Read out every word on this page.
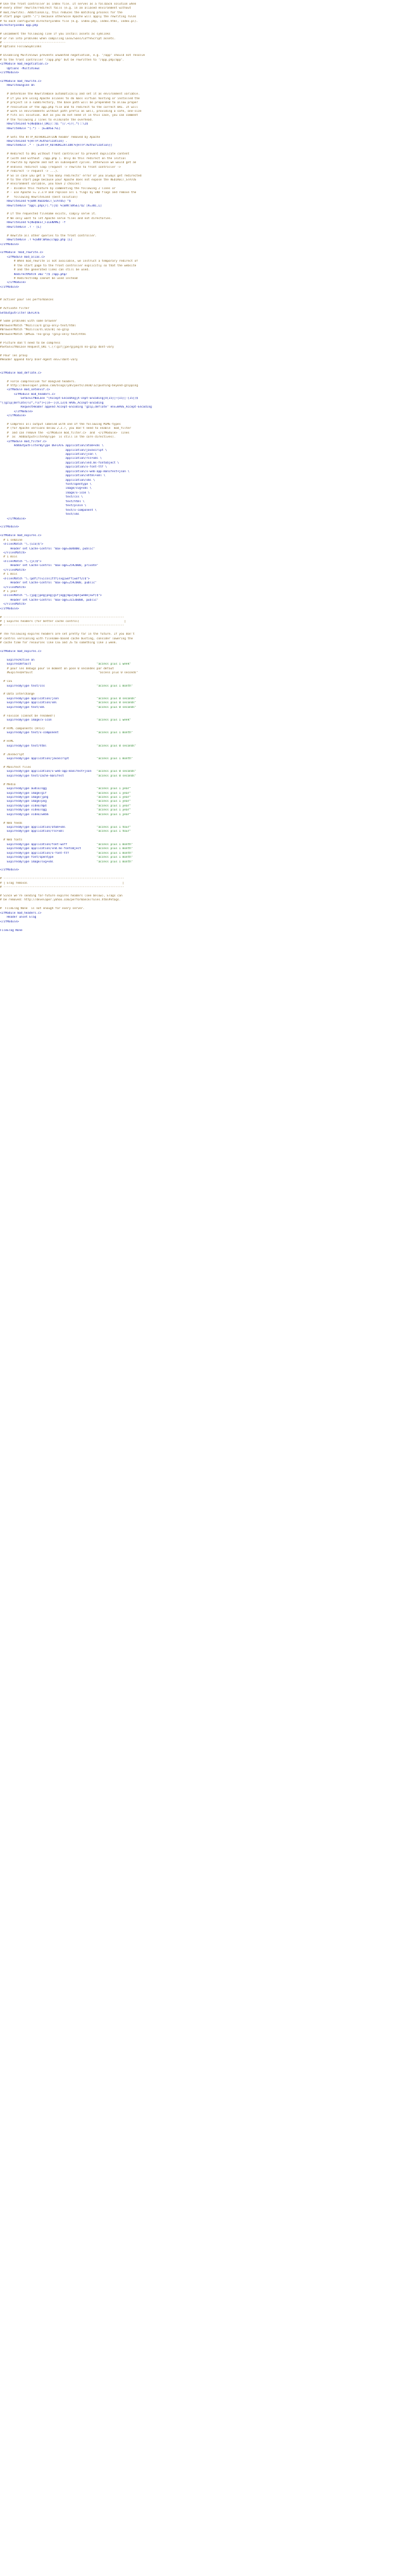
# Use the front controller as index file. It serves as a fallback solution when
# every other rewrite/redirect fails (e.g. in an aliased environment without
# mod_rewrite). Additionally, this reduces the matching process for the
# start page (path "/") because otherwise Apache will apply the rewriting rules
# to each configured DirectoryIndex file (e.g. index.php, index.html, index.pl).
DirectoryIndex app.php
# uncomment the following line if you install assets as symlinks
# or run into problems when compiling LESS/Sass/CoffeScript assets.
# ------------------------------------
# Options FollowSymlinks
# Disabling MultiViews prevents unwanted negotiation, e.g. "/app" should not resolve
# to the front controller "/app.php" but be rewritten to "/app.php/app".
<IfModule mod_negotiation.c>
Options -MultiViews
</IfModule>
<IfModule mod_rewrite.c>
RewriteEngine On
# Determine the RewriteBase automatically and set it as environment variable.
# If you are using Apache aliases to do mass virtual hosting or installed the
# project in a subdirectory, the base path will be prepended to allow proper
# resolution of the app.php file and to redirect to the correct URI. It will
# work in environments without path prefix as well, providing a safe, one-size
# fits all solution. But as you do not need it in this case, you can comment
# the following 2 lines to eliminate the overhead.
RewriteCond %{REQUEST_URI}::$1 ^(/.+)/(.*)::\2$
RewriteRule ^(.*) - [E=BASE:%1]
# Sets the HTTP_AUTHORIZATION header removed by Apache
RewriteCond %{HTTP:Authorization} .
RewriteRule .* - [E=HTTP_AUTHORIZATION:%{HTTP:Authorization}]
# Redirect to URI without front controller to prevent duplicate content
# (with and without `/app.php`). Only do this redirect on the initial
# rewrite by Apache and not on subsequent cycles. Otherwise we would get an
# endless redirect loop (request -> rewrite to front controller ->
# redirect -> request -> ...).
# So in case you get a "too many redirects" error or you always get redirected
# to the start page because your Apache does not expose the REDIRECT_STATUS
# environment variable, you have 2 choices:
# - disable this feature by commenting the following 2 lines or
# - use Apache >= 2.3.9 and replace all L flags by END flags and remove the
#   following RewriteCond (best solution)
RewriteCond %{ENV:REDIRECT_STATUS} ^$
RewriteRule ^app\.php(/(.*)|$) %{ENV:BASE}/$2 [R=301,L]
# If the requested filename exists, simply serve it.
# We only want to let Apache serve files and not directories.
RewriteCond %{REQUEST_FILENAME} -f
RewriteRule .? - [L]
# Rewrite all other queries to the front controller.
RewriteRule .? %{ENV:BASE}/app.php [L]
</IfModule>
<IfModule !mod_rewrite.c>
<IfModule mod_alias.c>
# When mod_rewrite is not available, we instruct a temporary redirect of
# the start page to the front controller explicitly so that the website
# and the generated links can still be used.
RedirectMatch 302 ^/$ /app.php/
# RedirectTemp cannot be used instead
</IfModule>
</IfModule>
# activer pour les performances
# Activate filter
SetOutputFilter DEFLATE
# Some problems with some browser
#BrowserMatch ^Mozilla/4 gzip-only-text/html
#BrowserMatch ^Mozilla/4\.0[678] no-gzip
#BrowserMatch \bMSIE !no-gzip !gzip-only-text/html
# Picture don't need to be compress
#SetEnvIfNoCase Request_URI \.(?:gif|jpe?g|png)$ no-gzip dont-vary
# Pour les proxy
#Header append Vary User-Agent env=!dont-vary
<IfModule mod_deflate.c>
# Force compression for mangled headers.
# http://developer.yahoo.com/blogs/ydn/posts/2010/12/pushing-beyond-gzipping
<IfModule mod_setenvif.c>
<IfModule mod_headers.c>
SetEnvIfNoCase ^(Accept-EncodXng|X-cept-Encoding|X{15}|~{15}|-{15})$
^((gzip|deflate)\s*,?\s*)+|[X~-]{4,13}$ HAVE_Accept-Encoding
RequestHeader append Accept-Encoding "gzip,deflate" env=HAVE_Accept-Encoding
</IfModule>
</IfModule>
# Compress all output labeled with one of the following MIME-types
# (for Apache versions below 2.3.7, you don't need to enable `mod_filter`
#  and can remove the `<IfModule mod_filter.c>` and `</IfModule>` lines
#  as `AddOutputFilterByType` is still in the core directives).
<IfModule mod_filter.c>
AddOutputFilterByType DEFLATE application/atom+xml \
application/javascript \
application/json \
application/rss+xml \
application/vnd.ms-fontobject \
application/x-font-ttf \
application/x-web-app-manifest+json \
application/xhtml+xml \
application/xml \
font/opentype \
image/svg+xml \
image/x-icon \
text/css \
text/html \
text/plain \
text/x-component \
text/xml
</IfModule>
</IfModule>
<IfModule mod_expires.c>
# 1 semaine
<FilesMatch "\.(ico)$">
Header set Cache-Control "max-age=604800, public"
</FilesMatch>
# 1 mois
<FilesMatch "\.(js)$">
Header set Cache-Control "max-age=2592000, private"
</FilesMatch>
# 1 mois
<FilesMatch "\.(pdf|flv|css|ttf|svg|woff|woff2)$">
Header set Cache-Control "max-age=2592000, public"
</FilesMatch>
# 1 year
<FilesMatch "\.(jpg|jpeg|png|gif|ogg|mp3|mp4|webm|swf)$">
Header set Cache-Control "max-age=31536000, public"
</FilesMatch>
</IfModule>
# ----------------------------------------------------------------------
# | Expires headers (for better cache control)                          |
# ----------------------------------------------------------------------
# The following expires headers are set pretty far in the future. If you don't
# control versioning with filename-based cache busting, consider lowering the
# cache time for resources like CSS and JS to something like 1 week.
<IfModule mod_expires.c>
ExpiresActive on
ExpiresDefault                                      "access plus 1 week"
# pour les debugs pour le moment on pose 0 secondes par défaut
#ExpiresDefault                                      "access plus 0 seconds"
# CSS
ExpiresByType text/css                              "access plus 1 month"
# Data interchange
ExpiresByType application/json                      "access plus 0 seconds"
ExpiresByType application/xml                       "access plus 0 seconds"
ExpiresByType text/xml                              "access plus 0 seconds"
# Favicon (cannot be renamed!)
ExpiresByType image/x-icon                          "access plus 1 week"
# HTML components (HTCs)
ExpiresByType text/x-component                      "access plus 1 month"
# HTML
ExpiresByType text/html                             "access plus 0 seconds"
# JavaScript
ExpiresByType application/javascript                "access plus 1 month"
# Manifest files
ExpiresByType application/x-web-app-manifest+json   "access plus 0 seconds"
ExpiresByType text/cache-manifest                   "access plus 0 seconds"
# Media
ExpiresByType audio/ogg                             "access plus 1 year"
ExpiresByType image/gif                             "access plus 1 year"
ExpiresByType image/jpeg                            "access plus 1 year"
ExpiresByType image/png                             "access plus 1 year"
ExpiresByType video/mp4                             "access plus 1 year"
ExpiresByType video/ogg                             "access plus 1 year"
ExpiresByType video/webm                            "access plus 1 year"
# Web feeds
ExpiresByType application/atom+xml                  "access plus 1 hour"
ExpiresByType application/rss+xml                   "access plus 1 hour"
# Web fonts
ExpiresByType application/font-woff                 "access plus 1 month"
ExpiresByType application/vnd.ms-fontobject         "access plus 1 month"
ExpiresByType application/x-font-ttf                "access plus 1 month"
ExpiresByType font/opentype                         "access plus 1 month"
ExpiresByType image/svg+xml                         "access plus 1 month"
</IfModule>
# ----------------------------------------------------------------------
# | ETag removal                                                       |
# ----------------------------------------------------------------------
# Since we're sending far-future expires headers (see below), ETags can
# be removed: http://developer.yahoo.com/performance/rules.html#etags.
# `FileETag None` is not enough for every server.
<IfModule mod_headers.c>
Header unset ETag
</IfModule>
FileETag None
